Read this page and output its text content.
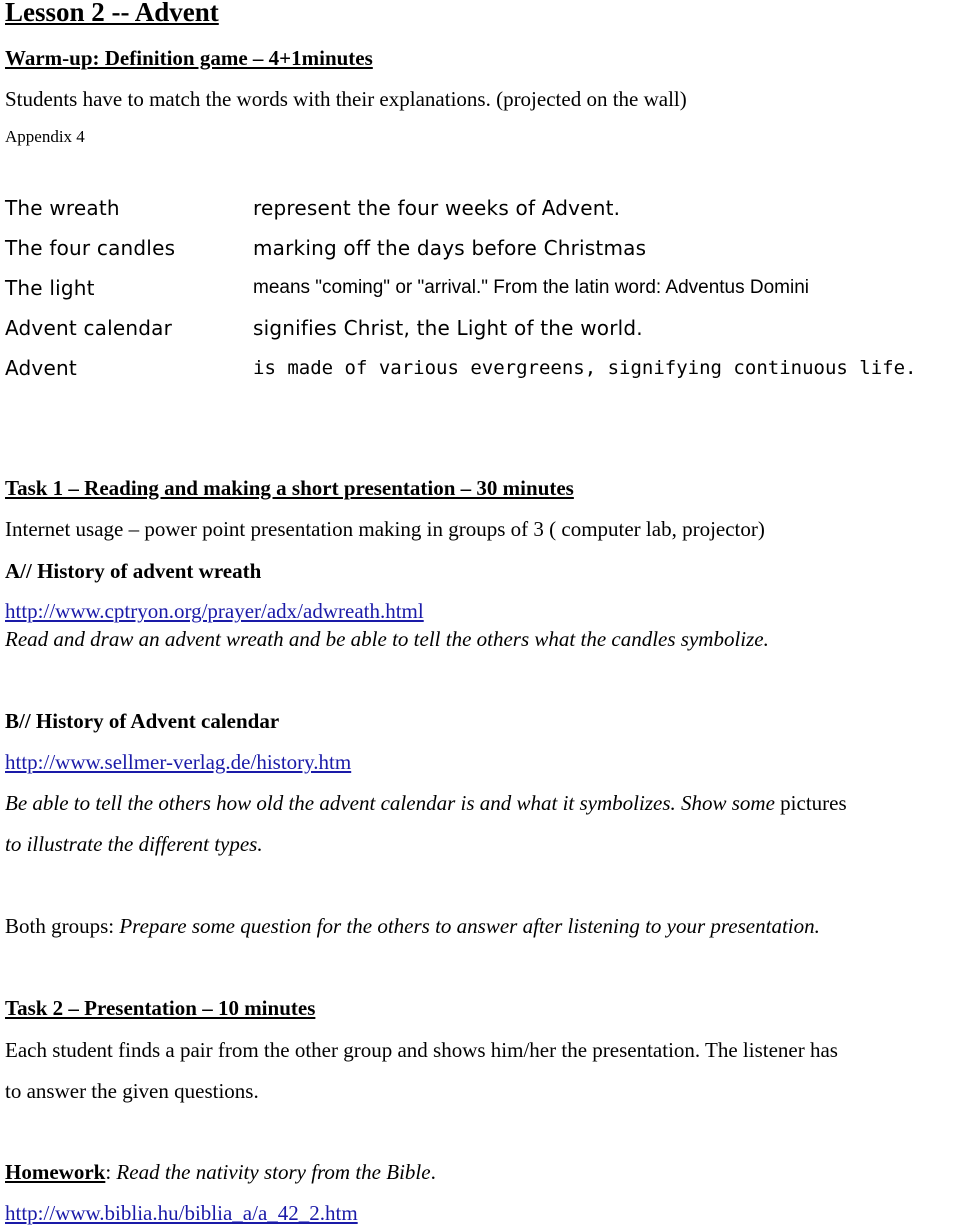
Lesson 2 -- Advent
Warm-up: Definition game – 4+1minutes
Students have to match the words with their explanations. (projected on the wall)
Appendix 4
The wreath
The four candles
The light
Advent calendar
Advent
represent the four weeks of Advent.
marking off the days before Christmas
means "coming" or "arrival." From the latin word: Adventus Domini
signifies Christ, the Light of the world.
is made of various evergreens, signifying continuous life.
Task 1 – Reading and making a short presentation – 30 minutes
Internet usage – power point presentation making in groups of 3 ( computer lab, projector)
A// History of advent wreath
http://www.cptryon.org/prayer/adx/adwreath.html
Read and draw an advent wreath and be able to tell the others what the candles symbolize.
B// History of Advent calendar
http://www.sellmer-verlag.de/history.htm
Be able to tell the others how old the advent calendar is and what it symbolizes. Show some pictures
to illustrate the different types.
Both groups: Prepare some question for the others to answer after listening to your presentation.
Task 2 – Presentation – 10 minutes
Each student finds a pair from the other group and shows him/her the presentation. The listener has
to answer the given questions.
Homework: Read the nativity story from the Bible.
http://www.biblia.hu/biblia_a/a_42_2.htm
